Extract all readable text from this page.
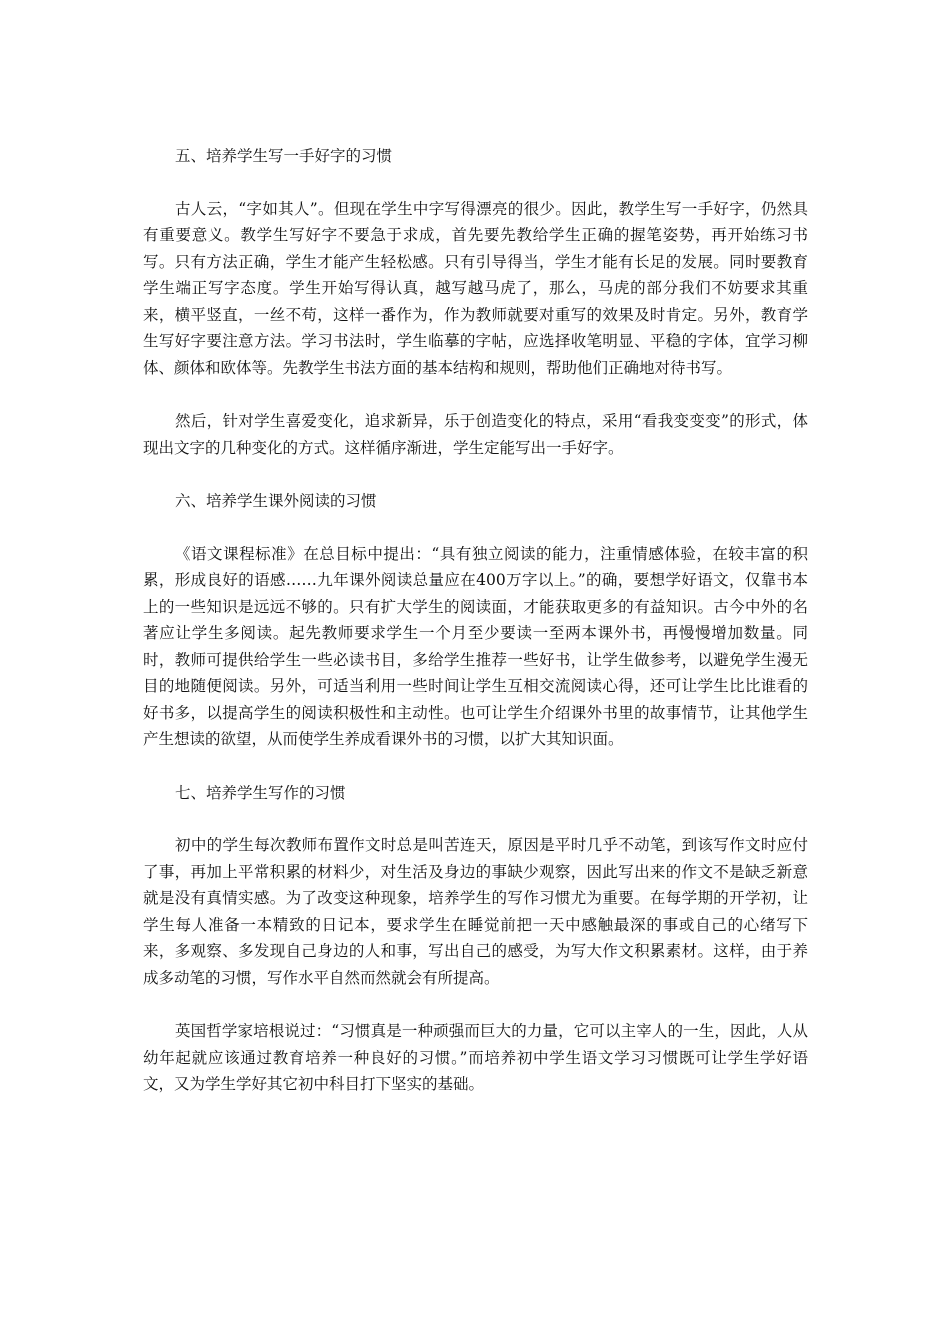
五、培养学生写一手好字的习惯

古人云，“字如其人”。但现在学生中字写得漂亮的很少。因此，教学生写一手好字，仍然具有重要意义。教学生写好字不要急于求成，首先要先教给学生正确的握笔姿势，再开始练习书写。只有方法正确，学生才能产生轻松感。只有引导得当，学生才能有长足的发展。同时要教育学生端正写字态度。学生开始写得认真，越写越马虎了，那么，马虎的部分我们不妨要求其重来，横平竖直，一丝不苟，这样一番作为，作为教师就要对重写的效果及时肯定。另外，教育学生写好字要注意方法。学习书法时，学生临摹的字帖，应选择收笔明显、平稳的字体，宜学习柳体、颜体和欧体等。先教学生书法方面的基本结构和规则，帮助他们正确地对待书写。

然后，针对学生喜爱变化，追求新异，乐于创造变化的特点，采用“看我变变变”的形式，体现出文字的几种变化的方式。这样循序渐进，学生定能写出一手好字。

六、培养学生课外阅读的习惯

《语文课程标准》在总目标中提出：“具有独立阅读的能力，注重情感体验，在较丰富的积累，形成良好的语感……九年课外阅读总量应在400万字以上。”的确，要想学好语文，仅靠书本上的一些知识是远远不够的。只有扩大学生的阅读面，才能获取更多的有益知识。古今中外的名著应让学生多阅读。起先教师要求学生一个月至少要读一至两本课外书，再慢慢增加数量。同时，教师可提供给学生一些必读书目，多给学生推荐一些好书，让学生做参考，以避免学生漫无目的地随便阅读。另外，可适当利用一些时间让学生互相交流阅读心得，还可让学生比比谁看的好书多，以提高学生的阅读积极性和主动性。也可让学生介绍课外书里的故事情节，让其他学生产生想读的欲望，从而使学生养成看课外书的习惯，以扩大其知识面。

七、培养学生写作的习惯

初中的学生每次教师布置作文时总是叫苦连天，原因是平时几乎不动笔，到该写作文时应付了事，再加上平常积累的材料少，对生活及身边的事缺少观察，因此写出来的作文不是缺乏新意就是没有真情实感。为了改变这种现象，培养学生的写作习惯尤为重要。在每学期的开学初，让学生每人准备一本精致的日记本，要求学生在睡觉前把一天中感触最深的事或自己的心绪写下来，多观察、多发现自己身边的人和事，写出自己的感受，为写大作文积累素材。这样，由于养成多动笔的习惯，写作水平自然而然就会有所提高。

英国哲学家培根说过：“习惯真是一种顽强而巨大的力量，它可以主宰人的一生，因此，人从幼年起就应该通过教育培养一种良好的习惯。”而培养初中学生语文学习习惯既可让学生学好语文，又为学生学好其它初中科目打下坚实的基础。
